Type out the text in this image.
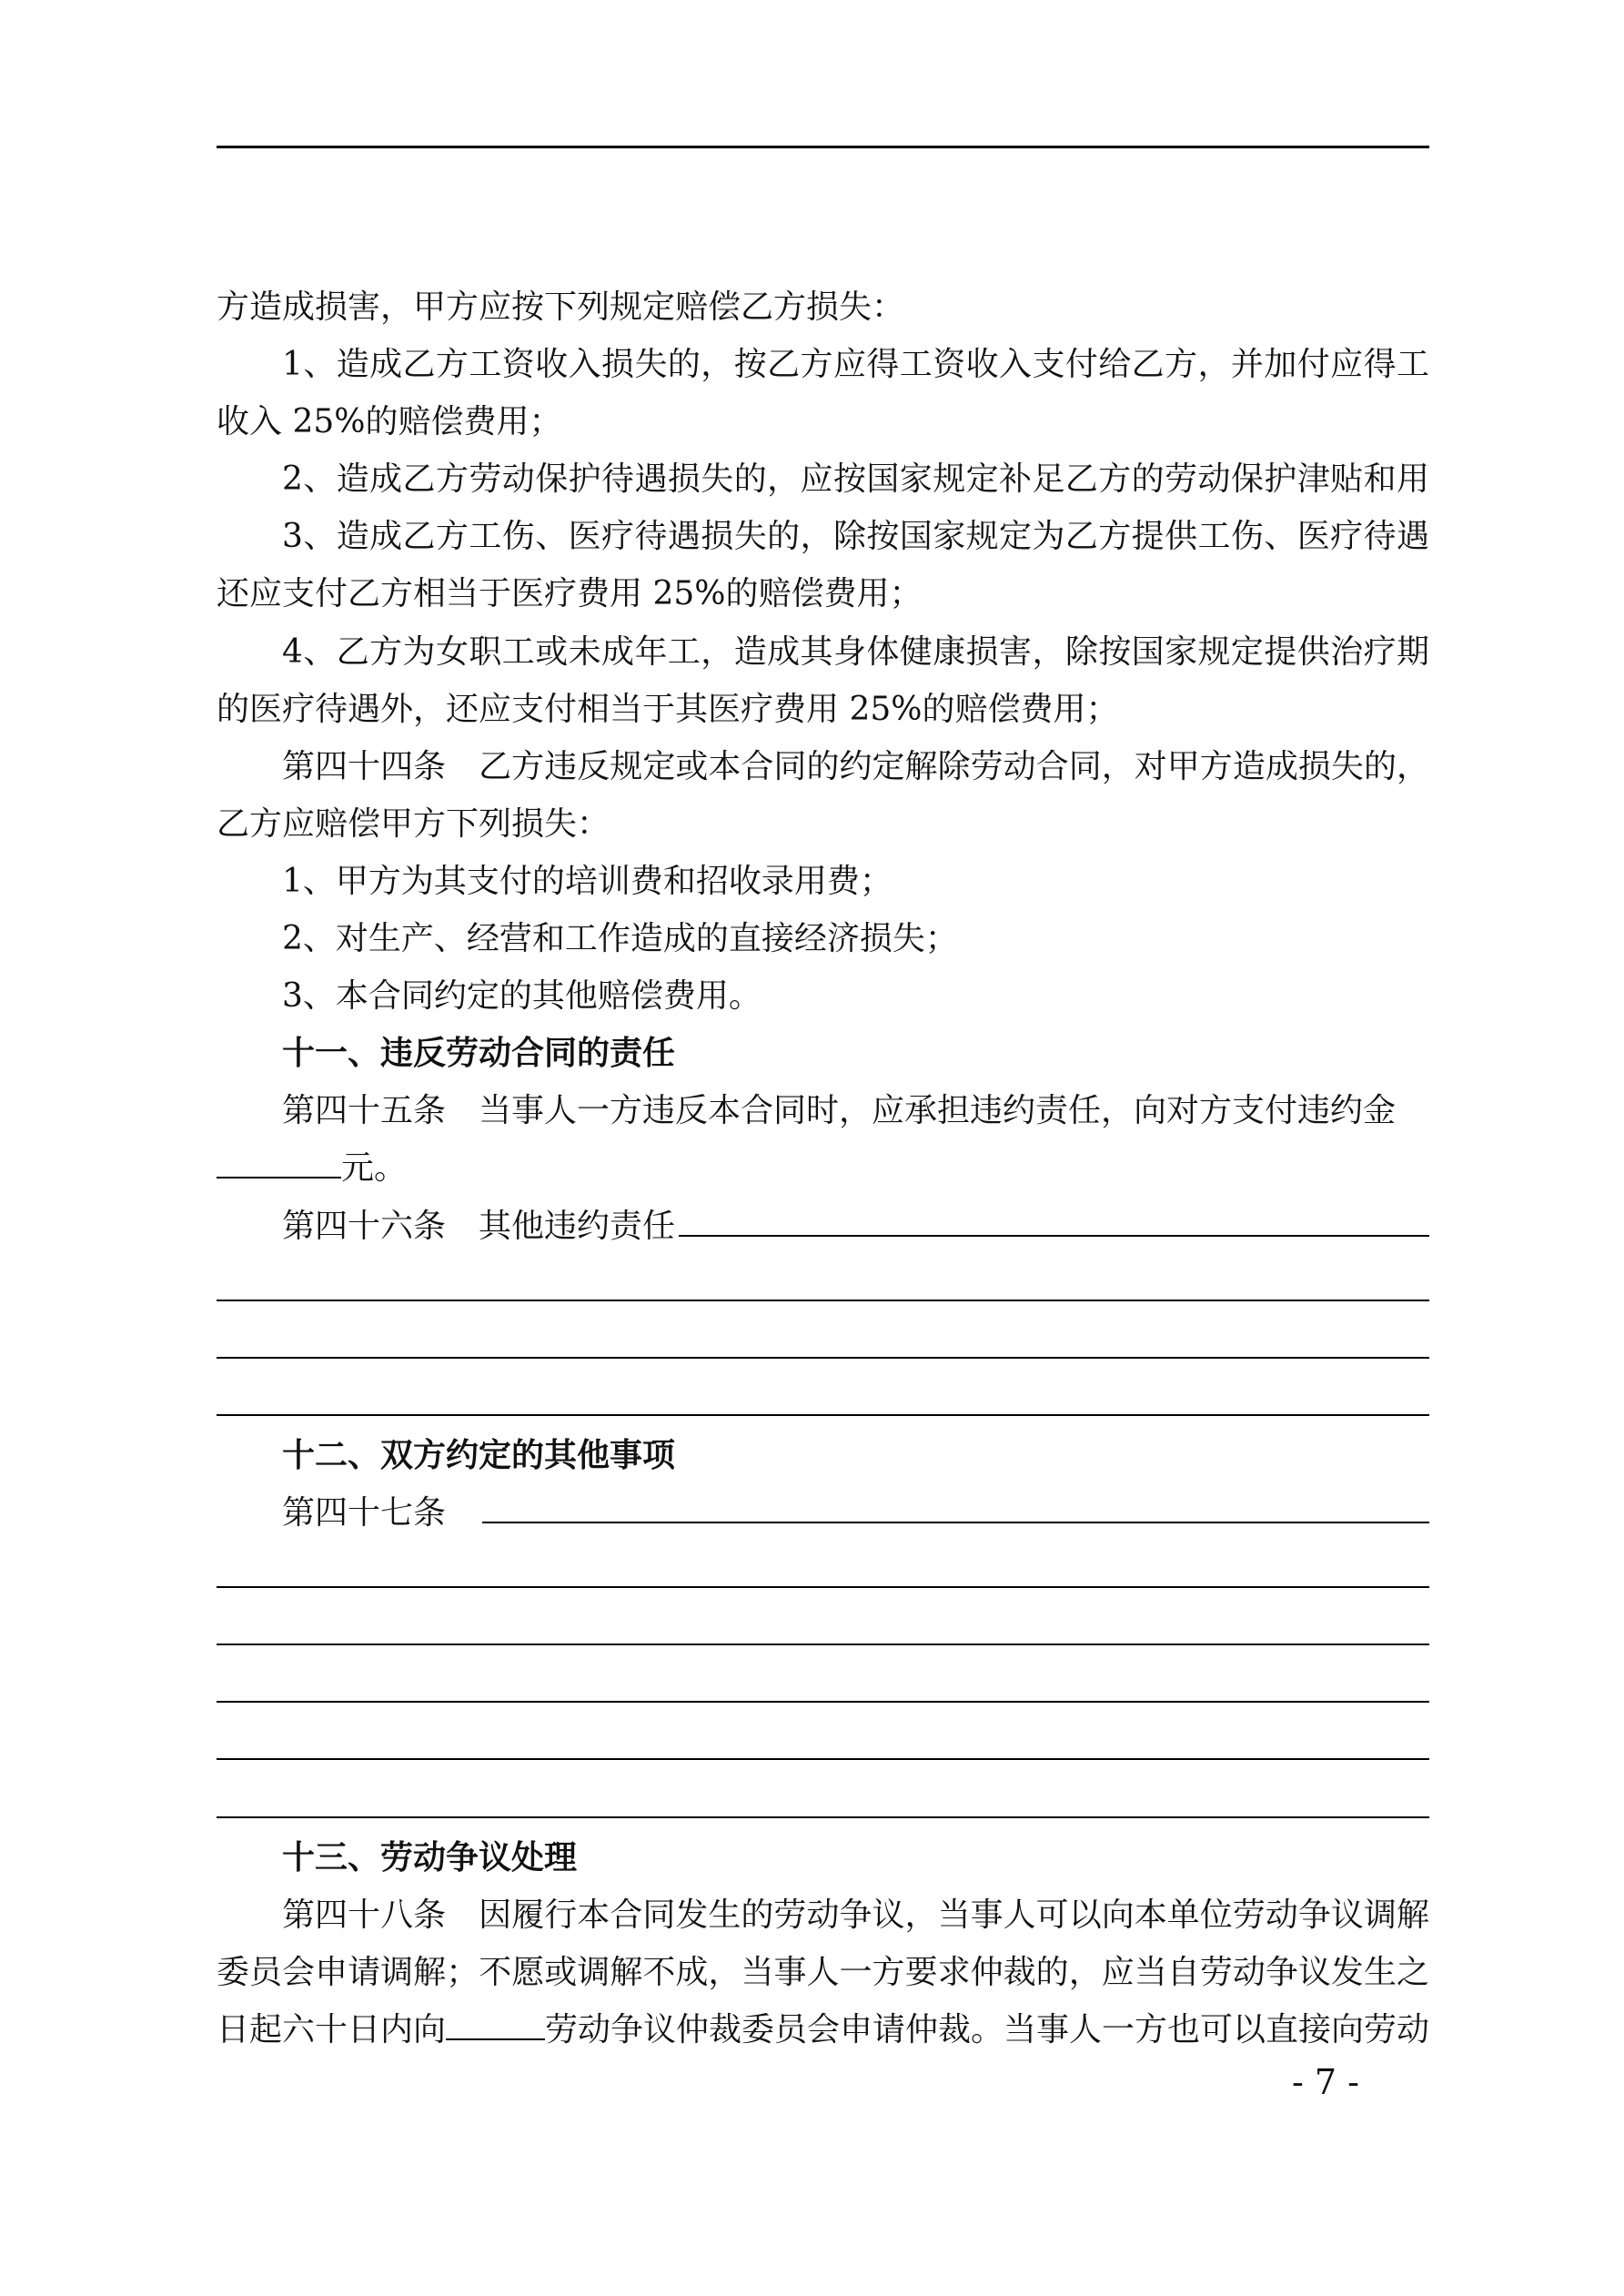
方造成损害，甲方应按下列规定赔偿乙方损失：
1、造成乙方工资收入损失的，按乙方应得工资收入支付给乙方，并加付应得工
收入 25%的赔偿费用；
2、造成乙方劳动保护待遇损失的，应按国家规定补足乙方的劳动保护津贴和用
3、造成乙方工伤、医疗待遇损失的，除按国家规定为乙方提供工伤、医疗待遇
还应支付乙方相当于医疗费用 25%的赔偿费用；
4、乙方为女职工或未成年工，造成其身体健康损害，除按国家规定提供治疗期
的医疗待遇外，还应支付相当于其医疗费用 25%的赔偿费用；
第四十四条　乙方违反规定或本合同的约定解除劳动合同，对甲方造成损失的，
乙方应赔偿甲方下列损失：
1、甲方为其支付的培训费和招收录用费；
2、对生产、经营和工作造成的直接经济损失；
3、本合同约定的其他赔偿费用。
十一、违反劳动合同的责任
第四十五条　当事人一方违反本合同时，应承担违约责任，向对方支付违约金
元。
第四十六条　其他违约责任
十二、双方约定的其他事项
第四十七条
十三、劳动争议处理
第四十八条　因履行本合同发生的劳动争议，当事人可以向本单位劳动争议调解
委员会申请调解；不愿或调解不成，当事人一方要求仲裁的，应当自劳动争议发生之
日起六十日内向	劳动争议仲裁委员会申请仲裁。当事人一方也可以直接向劳动
- 7 -
